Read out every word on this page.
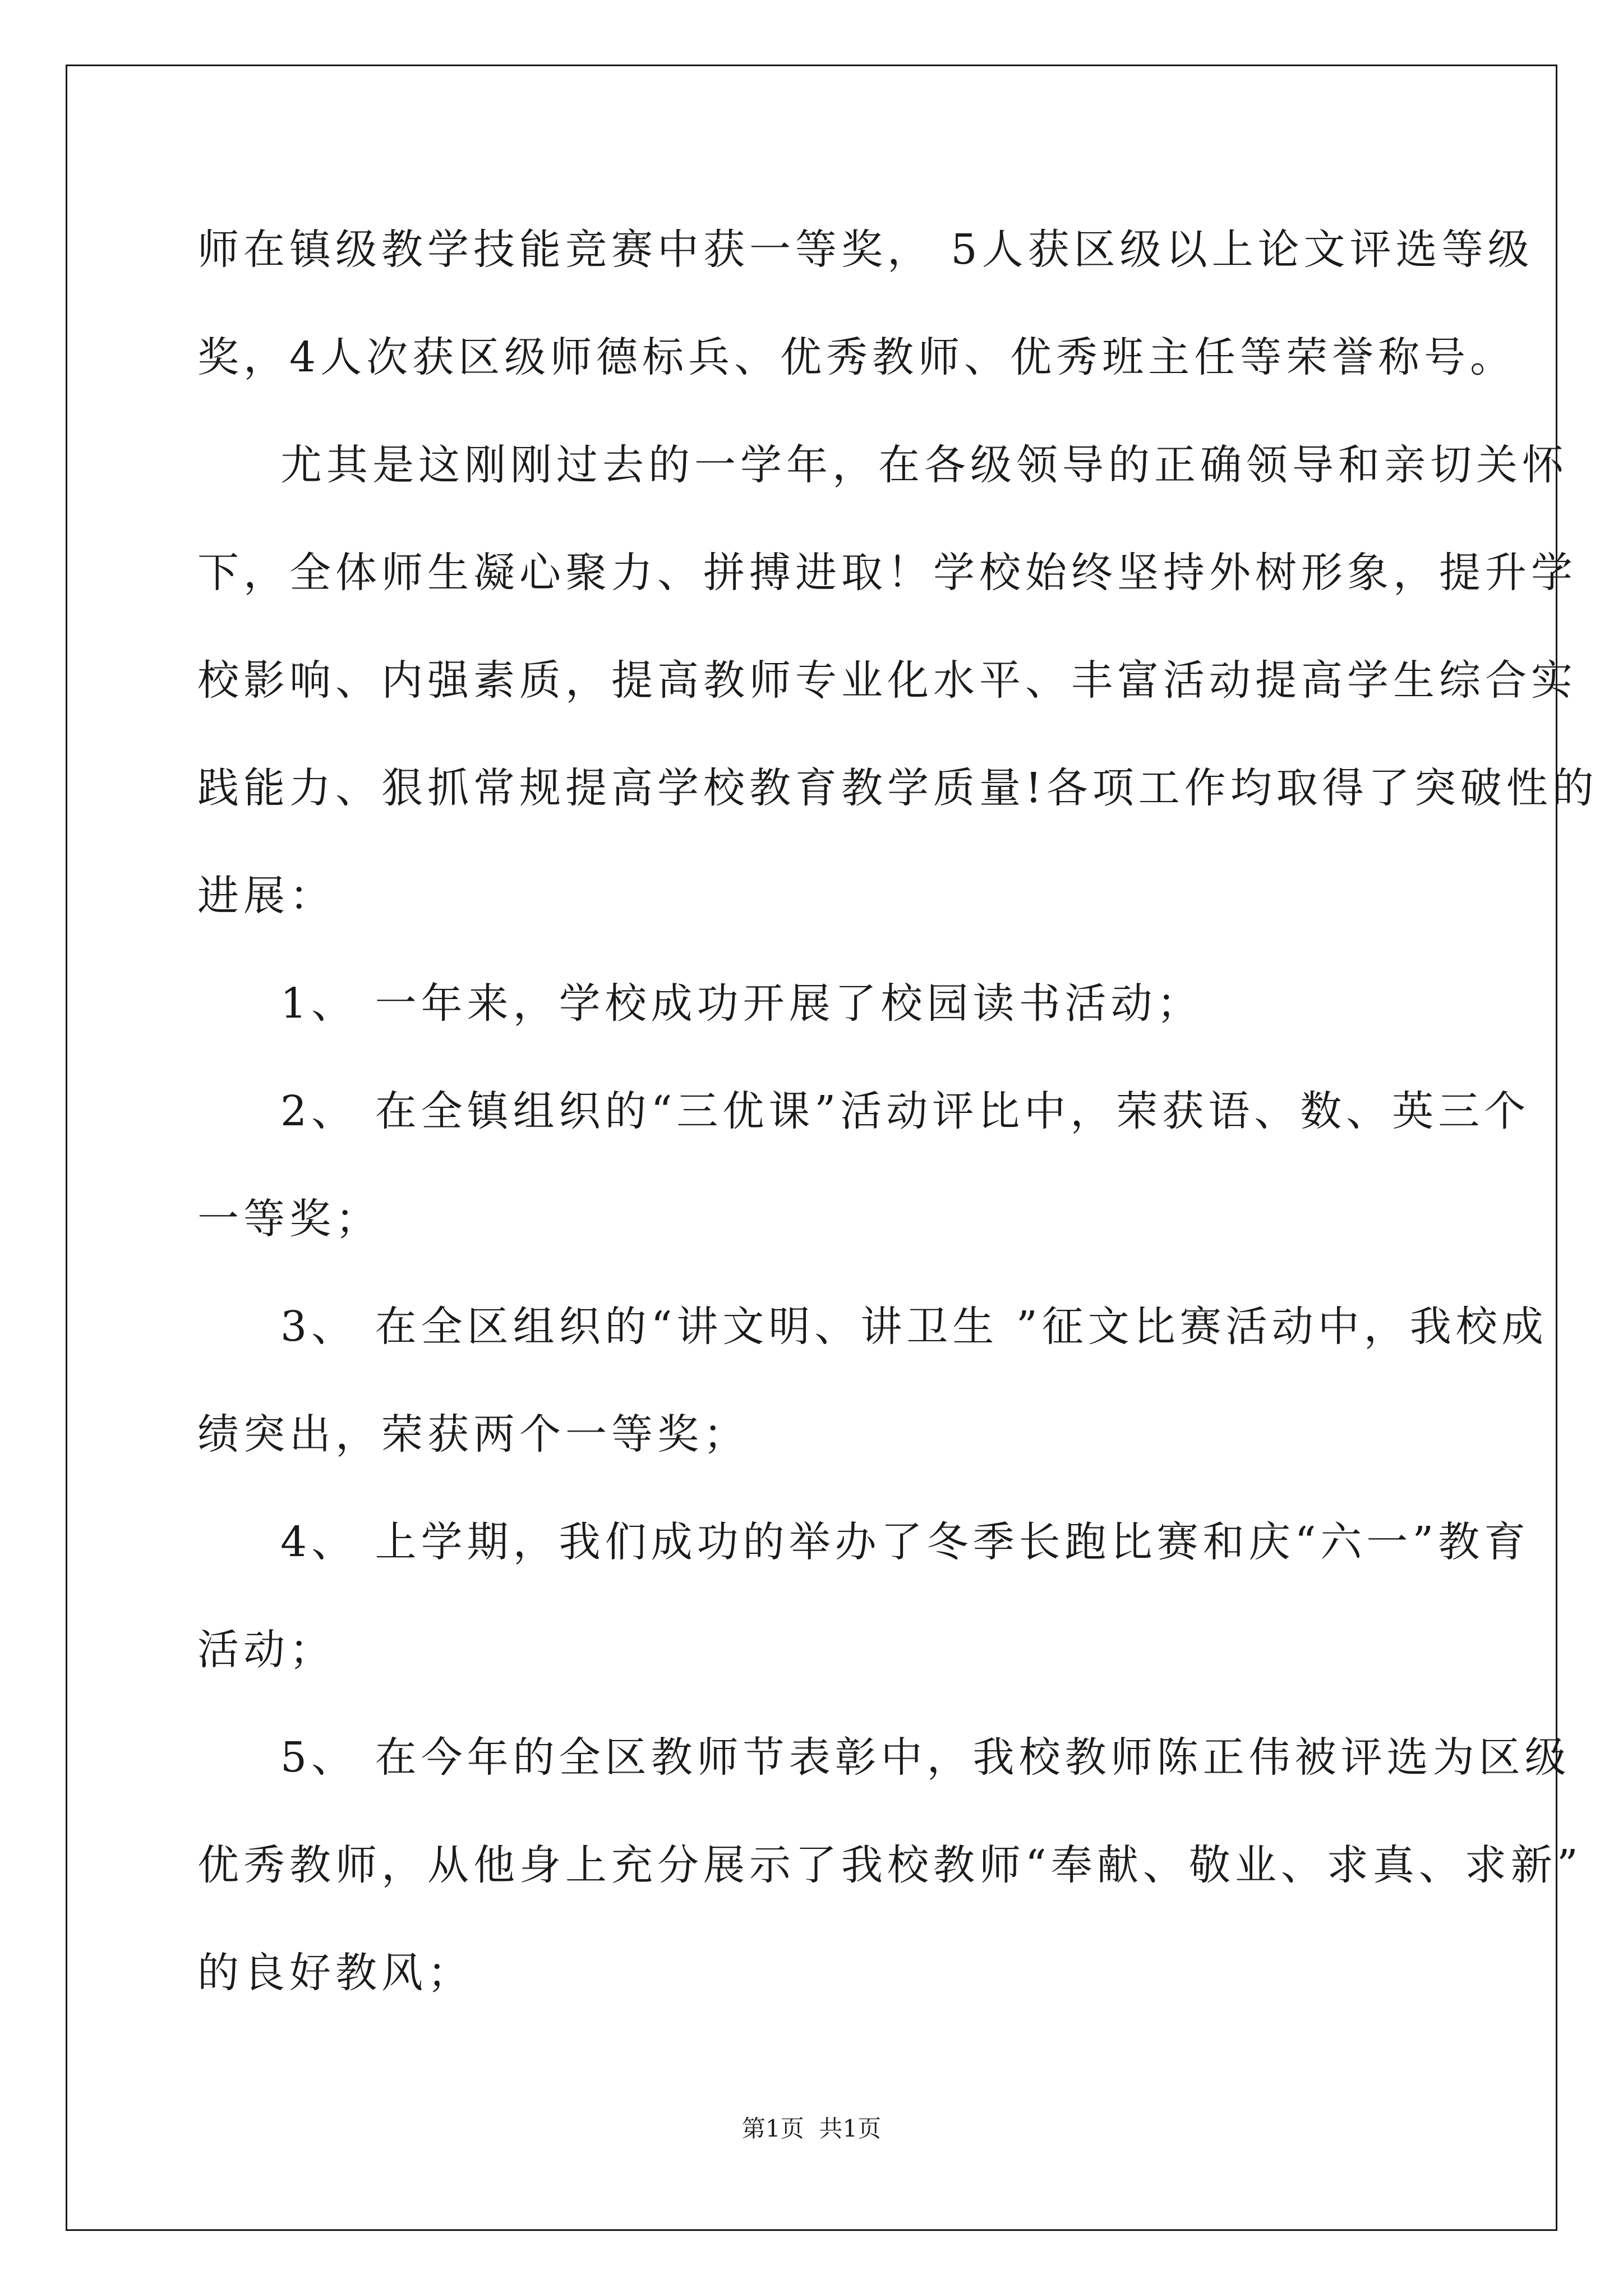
师在镇级教学技能竞赛中获一等奖， 5人获区级以上论文评选等级

奖，4人次获区级师德标兵、优秀教师、优秀班主任等荣誉称号。

尤其是这刚刚过去的一学年，在各级领导的正确领导和亲切关怀

下，全体师生凝心聚力、拼搏进取！学校始终坚持外树形象，提升学

校影响、内强素质，提高教师专业化水平、丰富活动提高学生综合实

践能力、狠抓常规提高学校教育教学质量!各项工作均取得了突破性的

进展：

1、 一年来，学校成功开展了校园读书活动；

2、 在全镇组织的“三优课”活动评比中，荣获语、数、英三个

一等奖；

3、 在全区组织的“讲文明、讲卫生 ”征文比赛活动中，我校成

绩突出，荣获两个一等奖；

4、 上学期，我们成功的举办了冬季长跑比赛和庆“六一”教育

活动；

5、 在今年的全区教师节表彰中，我校教师陈正伟被评选为区级

优秀教师，从他身上充分展示了我校教师“奉献、敬业、求真、求新”

的良好教风；

第1页  共1页
